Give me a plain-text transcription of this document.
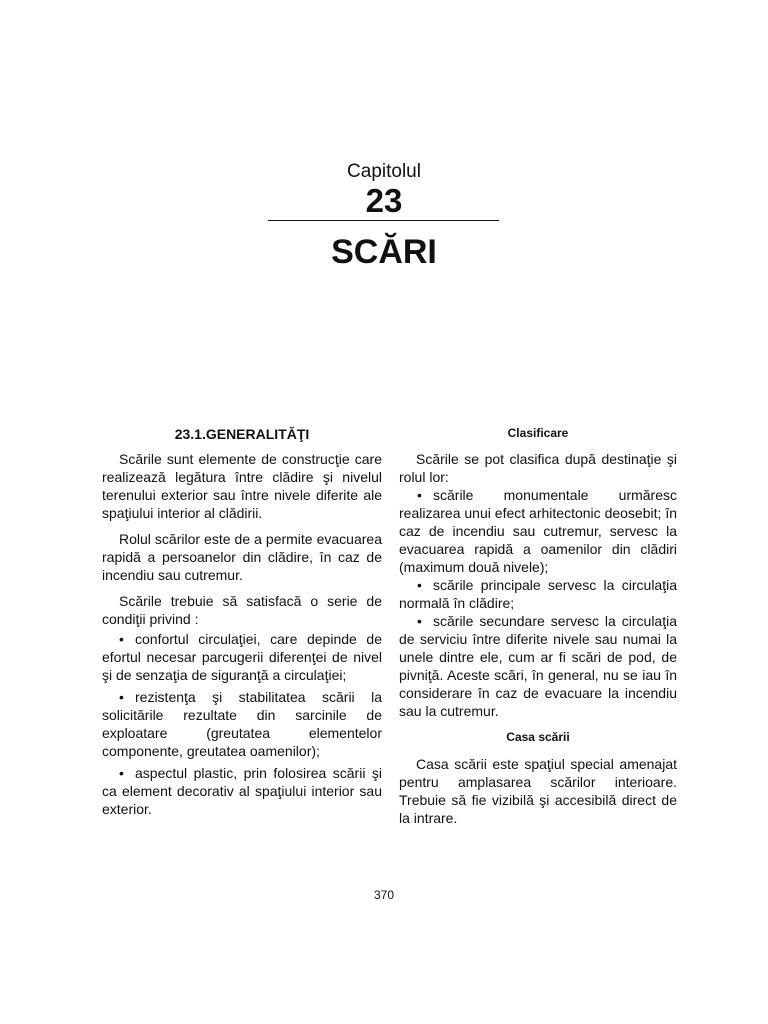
Capitolul
23
SCĂRI
23.1.GENERALITĂŢI

Scările sunt elemente de construcţie care realizează legătura între clădire şi nivelul terenului exterior sau între nivele diferite ale spaţiului interior al clădirii.

Rolul scărilor este de a permite evacuarea rapidă a persoanelor din clădire, în caz de incendiu sau cutremur.

Scările trebuie să satisfacă o serie de condiţii privind :

• confortul circulaţiei, care depinde de efortul necesar parcugerii diferenţei de nivel şi de senzaţia de siguranţă a circulaţiei;
• rezistenţa şi stabilitatea scării la solicitările rezultate din sarcinile de exploatare (greutatea elementelor componente, greutatea oamenilor);
• aspectul plastic, prin folosirea scării şi ca element decorativ al spaţiului interior sau exterior.
Clasificare

Scările se pot clasifica după destinaţie şi rolul lor:

• scările monumentale urmăresc realizarea unui efect arhitectonic deosebit; în caz de incendiu sau cutremur, servesc la evacuarea rapidă a oamenilor din clădiri (maximum două nivele);
• scările principale servesc la circulaţia normală în clădire;
• scările secundare servesc la circulaţia de serviciu între diferite nivele sau numai la unele dintre ele, cum ar fi scări de pod, de pivniţă. Aceste scări, în general, nu se iau în considerare în caz de evacuare la incendiu sau la cutremur.
Casa scării

Casa scării este spaţiul special amenajat pentru amplasarea scărilor interioare. Trebuie să fie vizibilă şi accesibilă direct de la intrare.

370
